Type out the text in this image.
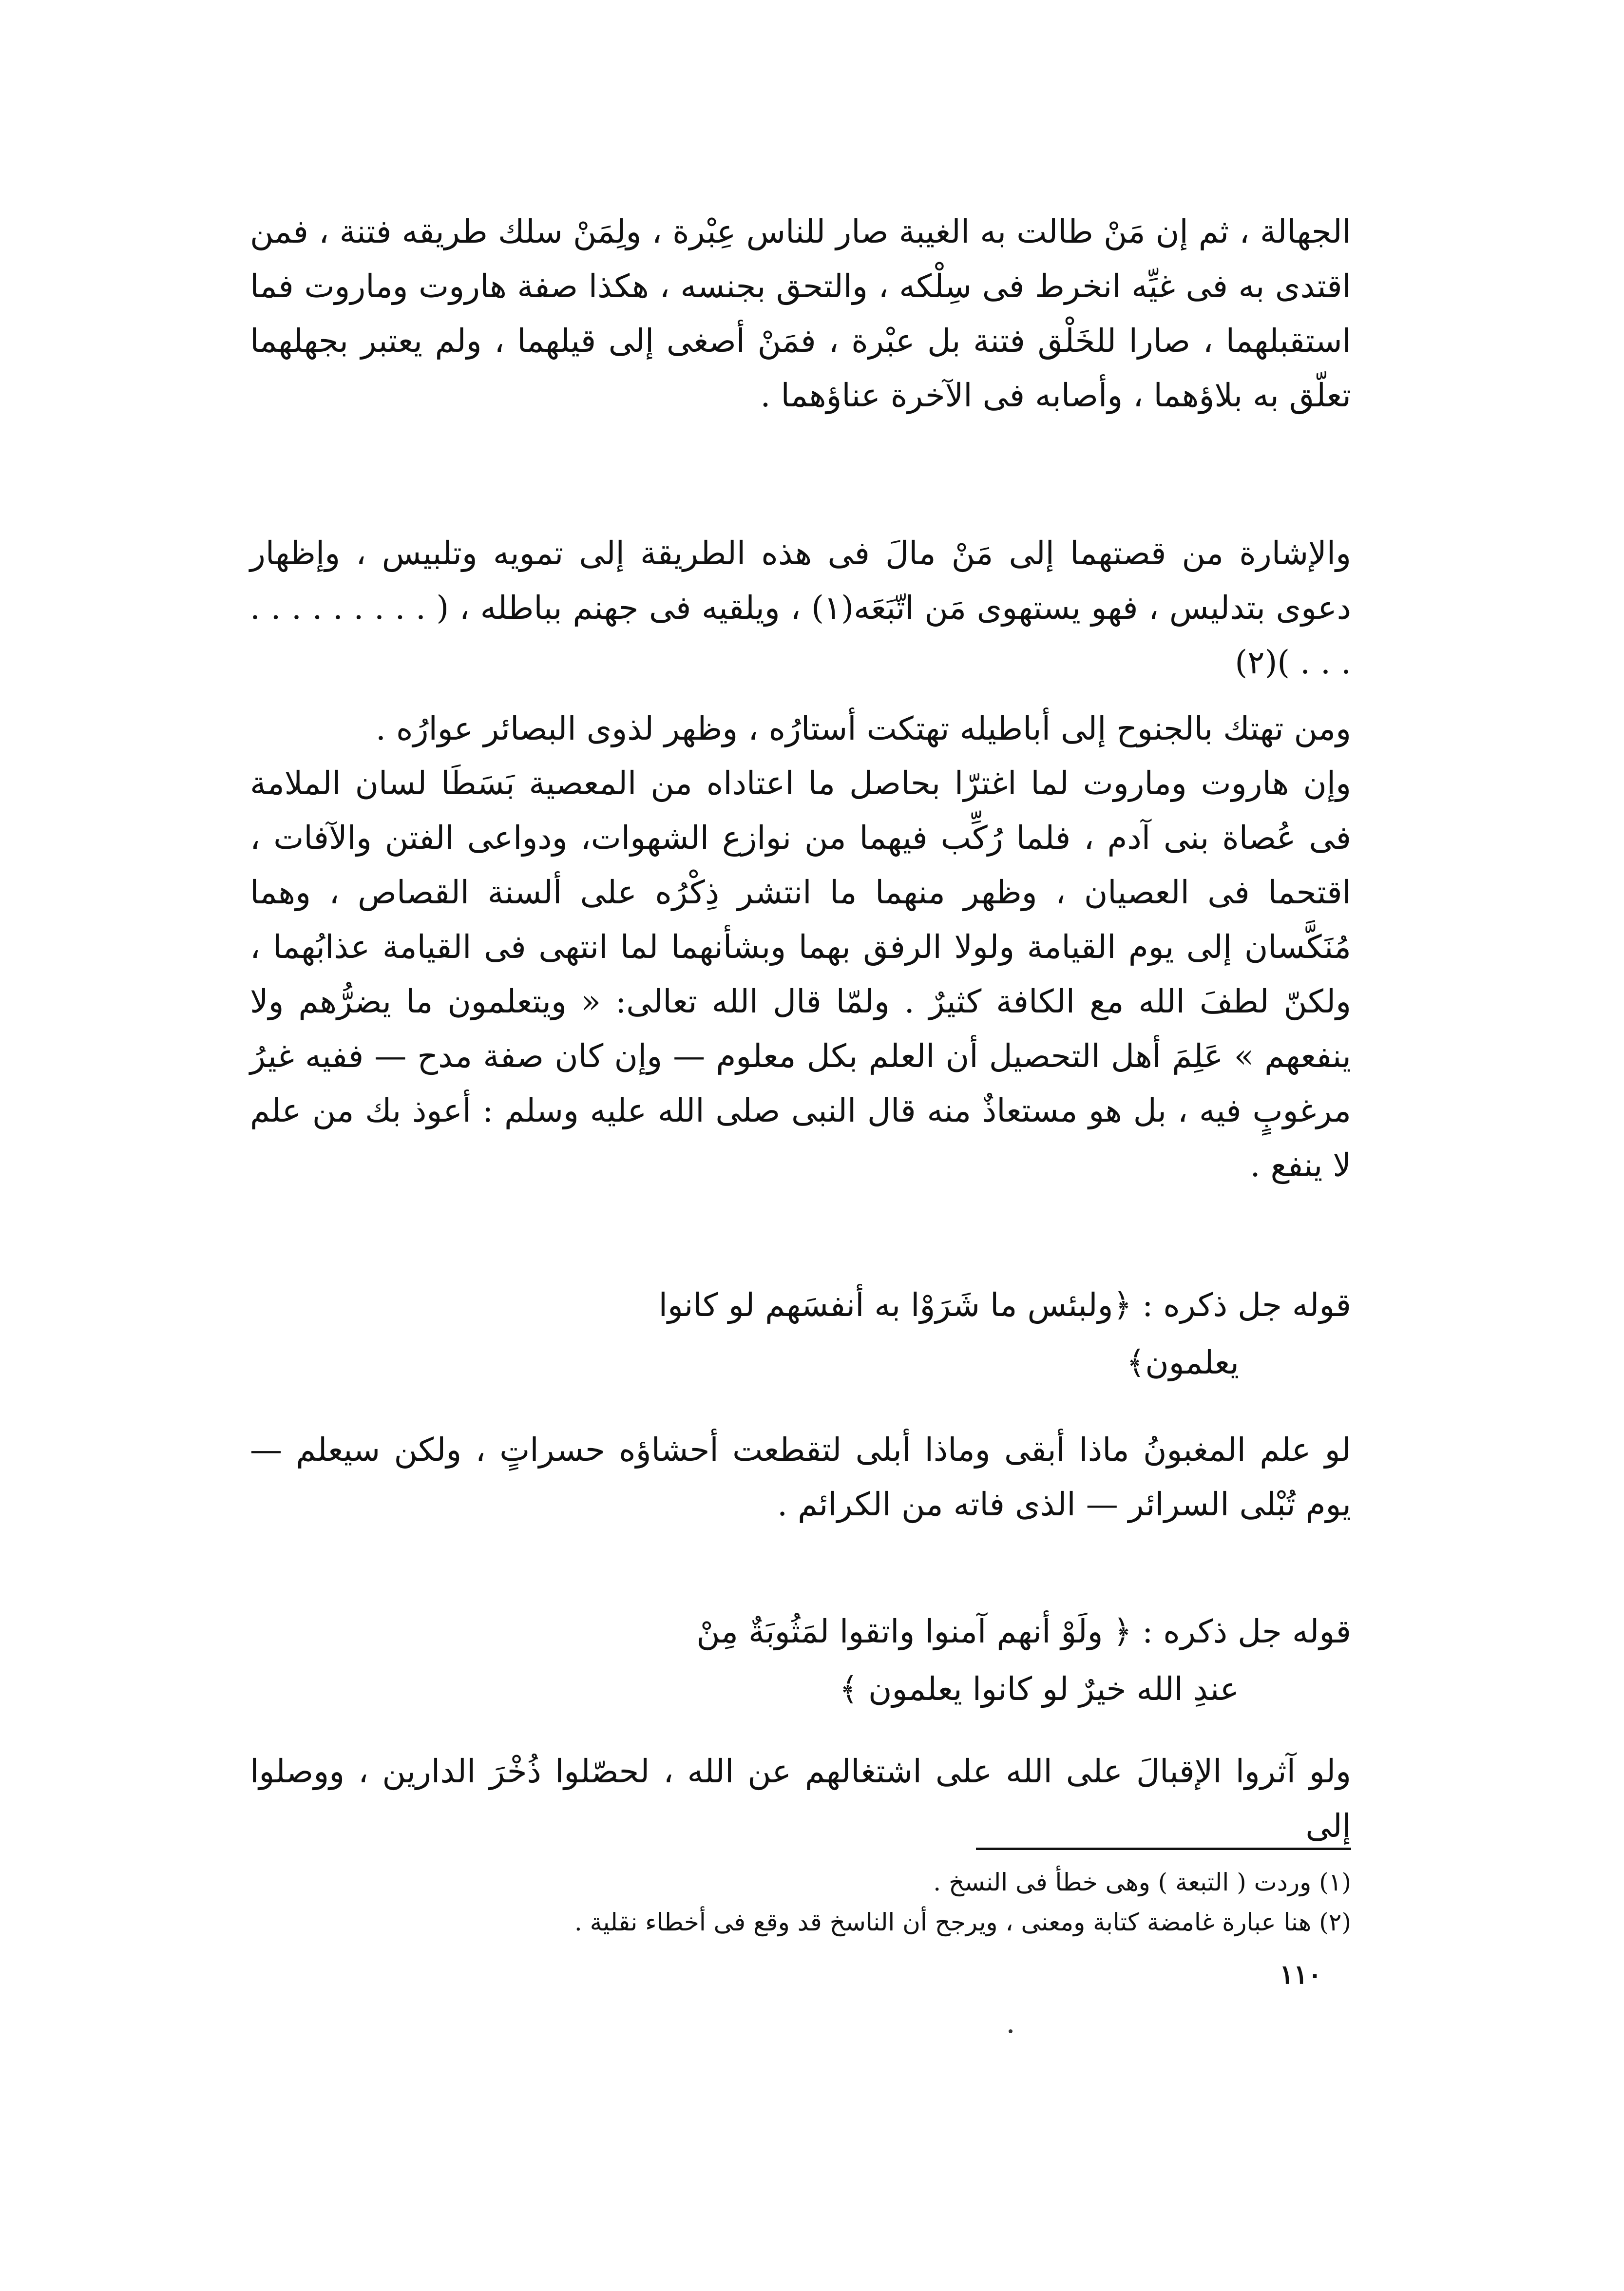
الجهالة ، ثم إن مَنْ طالت به الغيبة صار للناس عِبْرة ، ولِمَنْ سلك طريقه فتنة ، فمن اقتدى به فى غيِّه انخرط فى سِلْكه ، والتحق بجنسه ، هكذا صفة هاروت وماروت فما استقبلهما ، صارا للخَلْق فتنة بل عبْرة ، فمَنْ أصغى إلى قيلهما ، ولم يعتبر بجهلهما تعلّق به بلاؤهما ، وأصابه فى الآخرة عناؤهما .

والإشارة من قصتهما إلى مَنْ مالَ فى هذه الطريقة إلى تمويه وتلبيس ، وإظهار دعوى بتدليس ، فهو يستهوى مَن اتّبَعَه(١) ، ويلقيه فى جهنم بباطله ، ( . . . . . . . . . . . . )(٢)

ومن تهتك بالجنوح إلى أباطيله تهتكت أستارُه ، وظهر لذوى البصائر عوارُه .

وإن هاروت وماروت لما اغترّا بحاصل ما اعتاداه من المعصية بَسَطَا لسان الملامة فى عُصاة بنى آدم ، فلما رُكِّب فيهما من نوازع الشهوات، ودواعى الفتن والآفات ، اقتحما فى العصيان ، وظهر منهما ما انتشر ذِكْرُه على ألسنة القصاص ، وهما مُنَكَّسان إلى يوم القيامة ولولا الرفق بهما وبشأنهما لما انتهى فى القيامة عذابُهما ، ولكنّ لطفَ الله مع الكافة كثيرٌ . ولمّا قال الله تعالى: « ويتعلمون ما يضرُّهم ولا ينفعهم » عَلِمَ أهل التحصيل أن العلم بكل معلوم — وإن كان صفة مدح — ففيه غيرُ مرغوبٍ فيه ، بل هو مستعاذٌ منه قال النبى صلى الله عليه وسلم : أعوذ بك من علم لا ينفع .

قوله جل ذكره : ﴿ولبئس ما شَرَوْا به أنفسَهم لو كانوا
يعلمون﴾

لو علم المغبونُ ماذا أبقى وماذا أبلى لتقطعت أحشاؤه حسراتٍ ، ولكن سيعلم — يوم تُبْلى السرائر — الذى فاته من الكرائم .

قوله جل ذكره : ﴿ ولَوْ أنهم آمنوا واتقوا لمَثُوبَةٌ مِنْ
عندِ الله خيرٌ لو كانوا يعلمون ﴾

ولو آثروا الإقبالَ على الله على اشتغالهم عن الله ، لحصّلوا ذُخْرَ الدارين ، ووصلوا إلى

(١) وردت ( التبعة ) وهى خطأ فى النسخ .
(٢) هنا عبارة غامضة كتابة ومعنى ، ويرجح أن الناسخ قد وقع فى أخطاء نقلية .
١١٠
